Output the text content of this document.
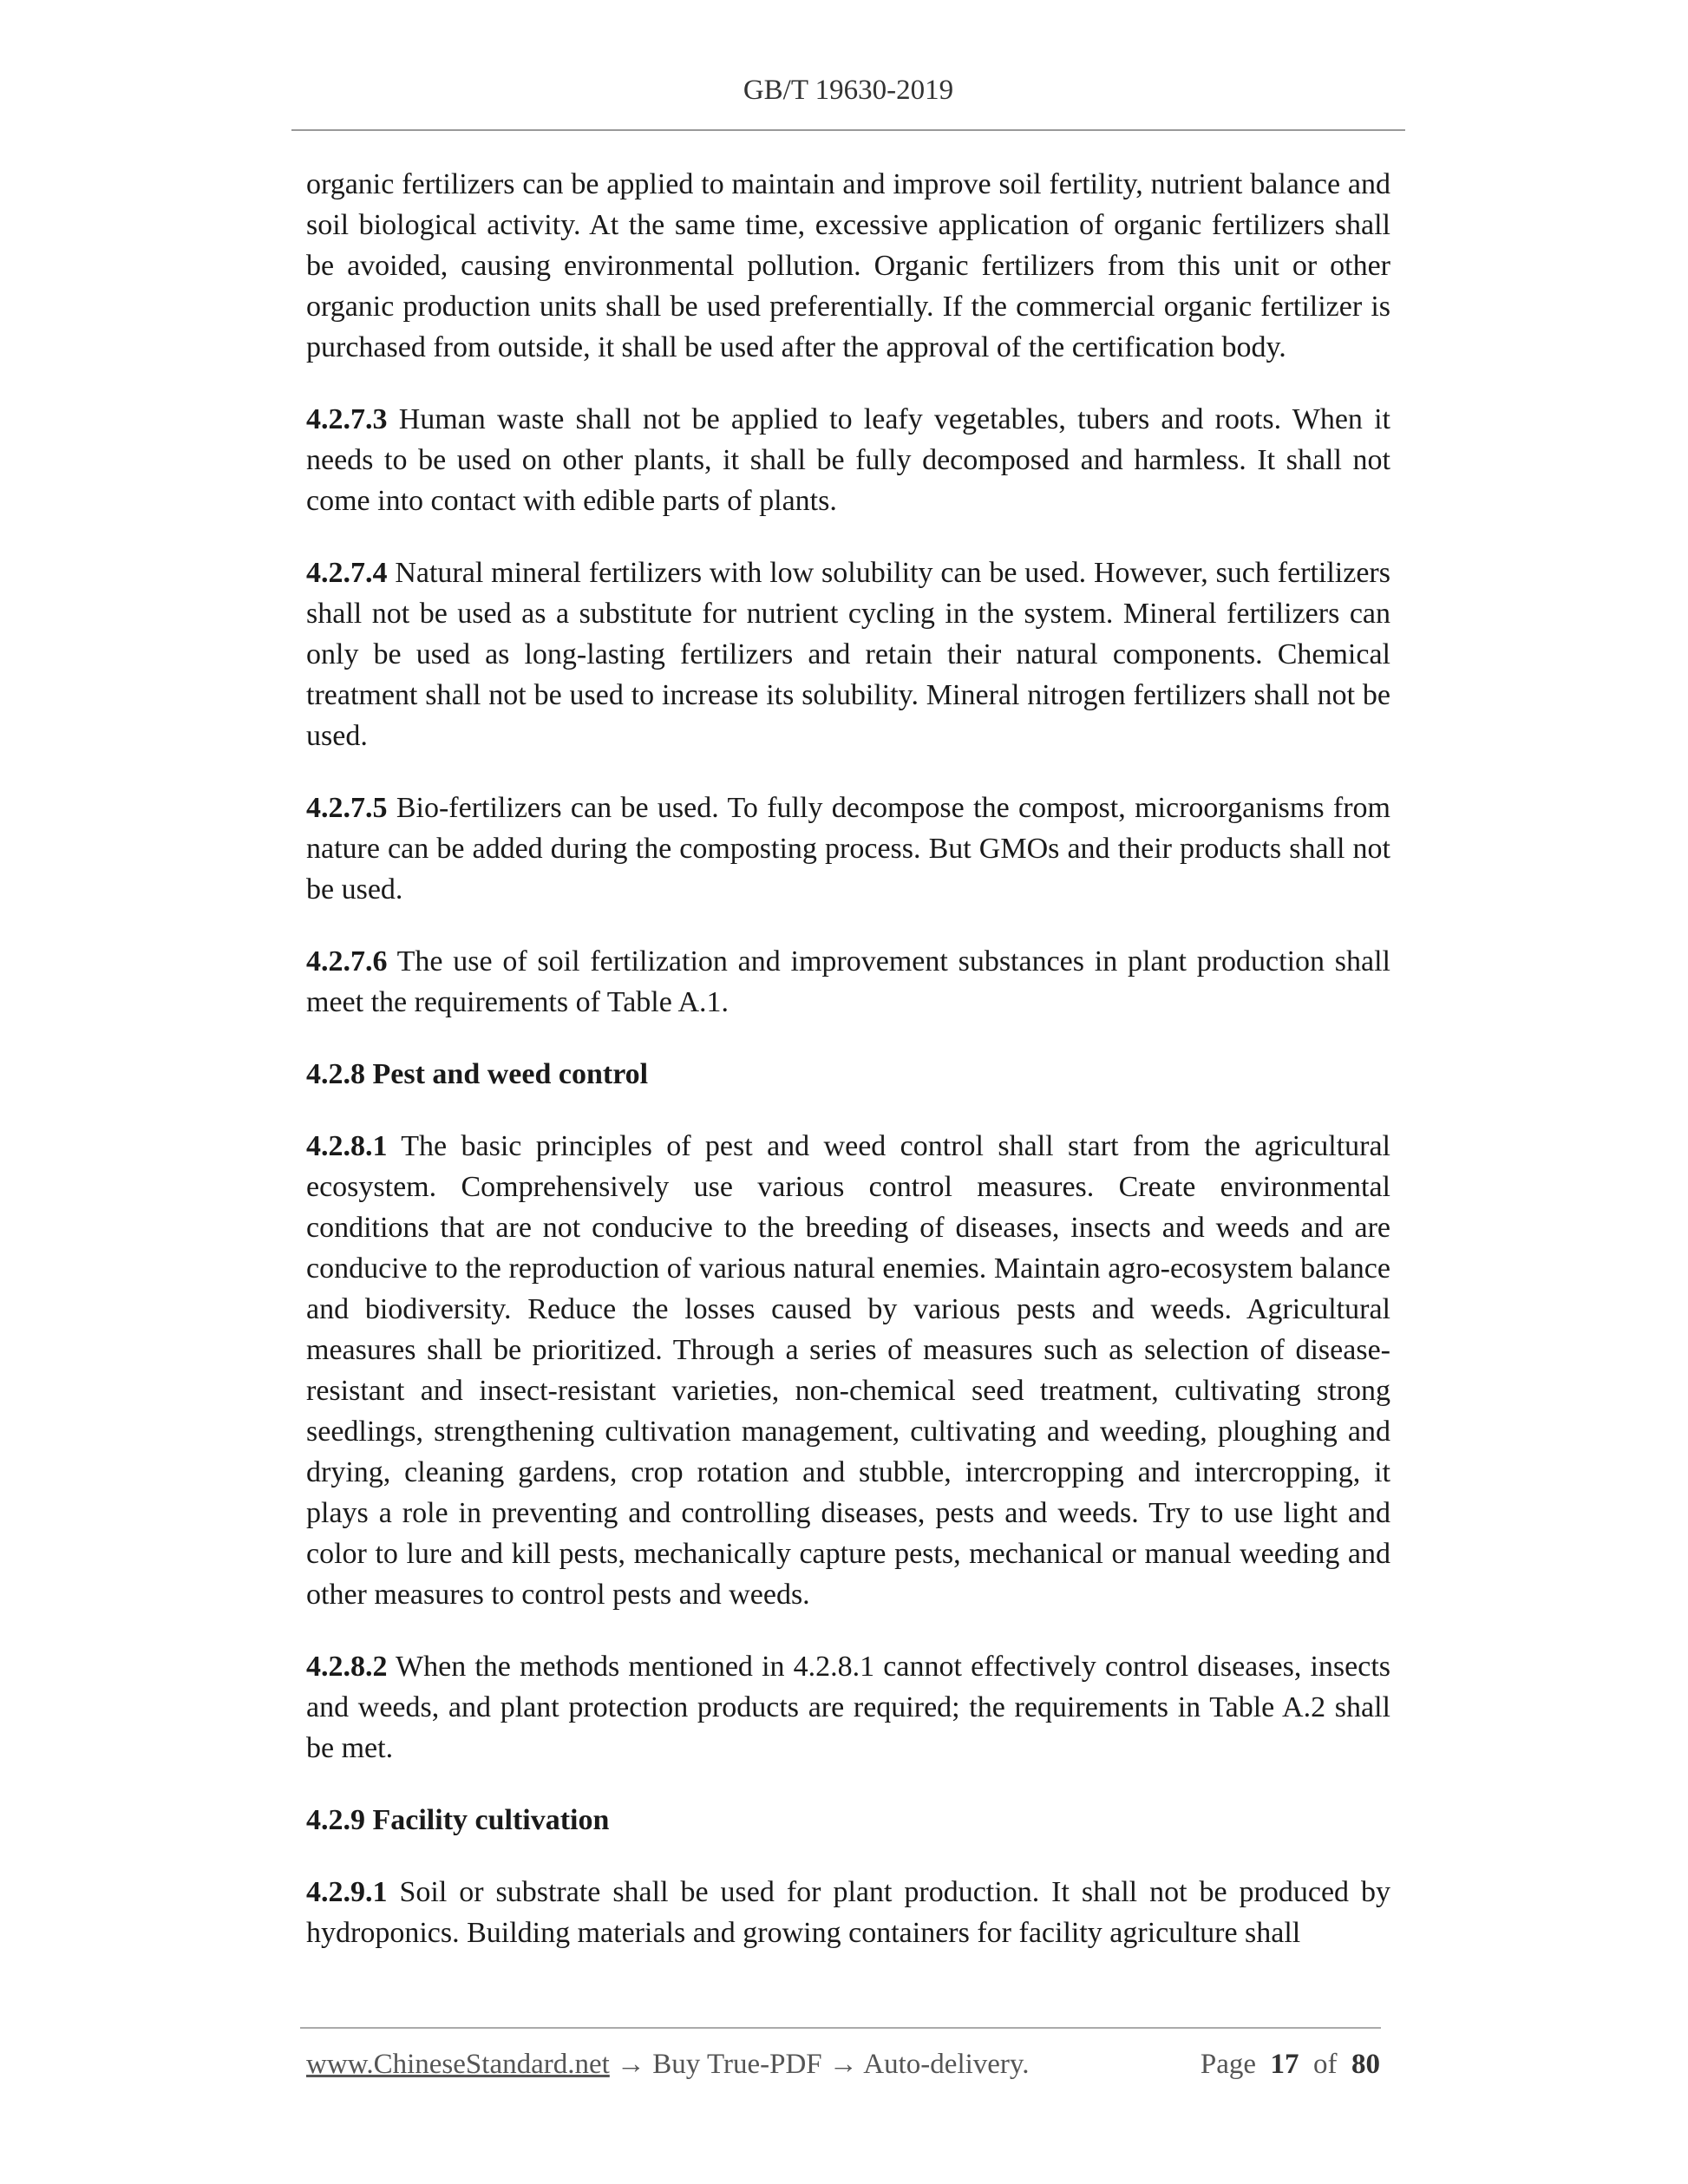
GB/T 19630-2019

organic fertilizers can be applied to maintain and improve soil fertility, nutrient balance and soil biological activity. At the same time, excessive application of organic fertilizers shall be avoided, causing environmental pollution. Organic fertilizers from this unit or other organic production units shall be used preferentially. If the commercial organic fertilizer is purchased from outside, it shall be used after the approval of the certification body.

4.2.7.3 Human waste shall not be applied to leafy vegetables, tubers and roots. When it needs to be used on other plants, it shall be fully decomposed and harmless. It shall not come into contact with edible parts of plants.

4.2.7.4 Natural mineral fertilizers with low solubility can be used. However, such fertilizers shall not be used as a substitute for nutrient cycling in the system. Mineral fertilizers can only be used as long-lasting fertilizers and retain their natural components. Chemical treatment shall not be used to increase its solubility. Mineral nitrogen fertilizers shall not be used.

4.2.7.5 Bio-fertilizers can be used. To fully decompose the compost, microorganisms from nature can be added during the composting process. But GMOs and their products shall not be used.

4.2.7.6 The use of soil fertilization and improvement substances in plant production shall meet the requirements of Table A.1.

4.2.8 Pest and weed control

4.2.8.1 The basic principles of pest and weed control shall start from the agricultural ecosystem. Comprehensively use various control measures. Create environmental conditions that are not conducive to the breeding of diseases, insects and weeds and are conducive to the reproduction of various natural enemies. Maintain agro-ecosystem balance and biodiversity. Reduce the losses caused by various pests and weeds. Agricultural measures shall be prioritized. Through a series of measures such as selection of disease-resistant and insect-resistant varieties, non-chemical seed treatment, cultivating strong seedlings, strengthening cultivation management, cultivating and weeding, ploughing and drying, cleaning gardens, crop rotation and stubble, intercropping and intercropping, it plays a role in preventing and controlling diseases, pests and weeds. Try to use light and color to lure and kill pests, mechanically capture pests, mechanical or manual weeding and other measures to control pests and weeds.

4.2.8.2 When the methods mentioned in 4.2.8.1 cannot effectively control diseases, insects and weeds, and plant protection products are required; the requirements in Table A.2 shall be met.

4.2.9 Facility cultivation

4.2.9.1 Soil or substrate shall be used for plant production. It shall not be produced by hydroponics. Building materials and growing containers for facility agriculture shall

www.ChineseStandard.net → Buy True-PDF → Auto-delivery.	Page 17 of 80
